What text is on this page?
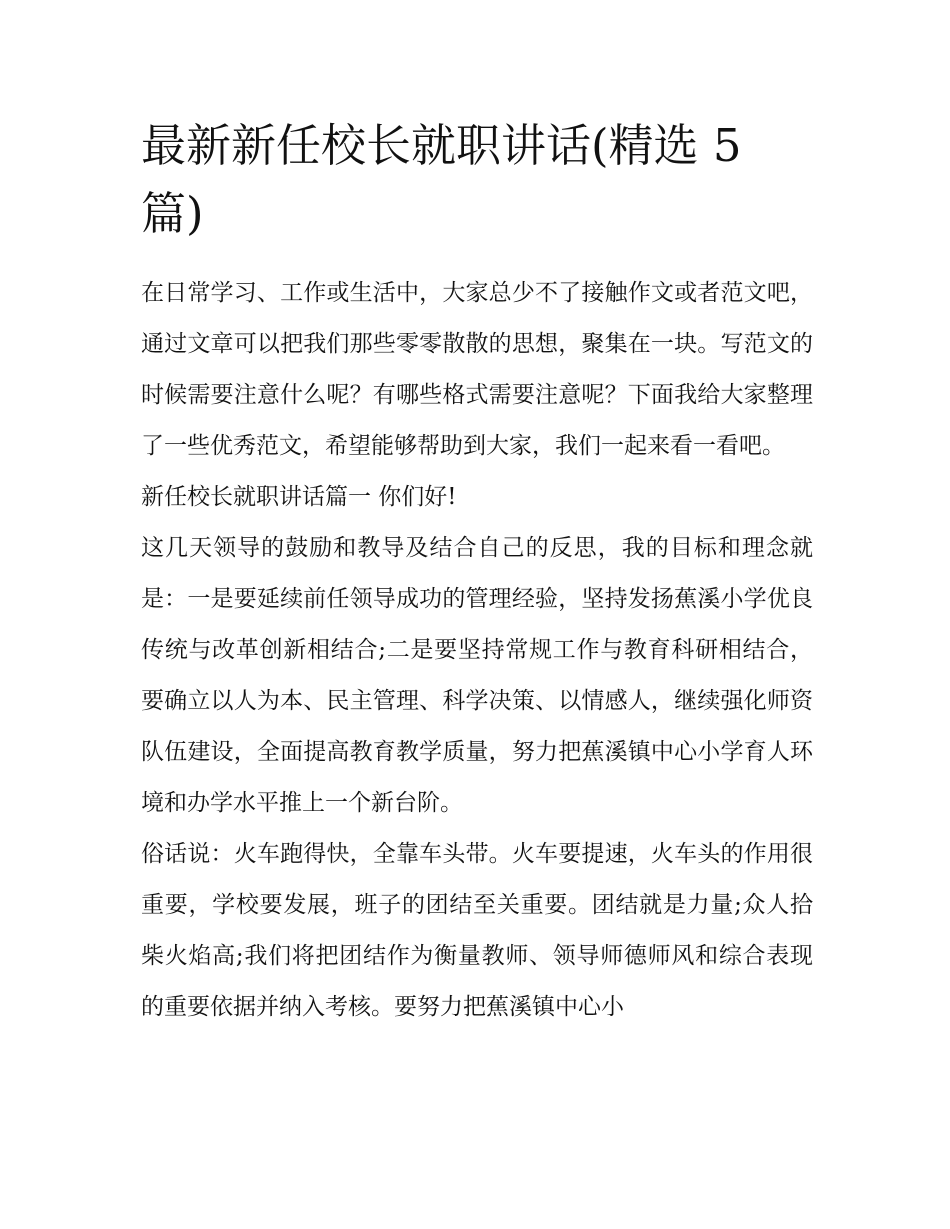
最新新任校长就职讲话(精选 5 篇)

在日常学习、工作或生活中，大家总少不了接触作文或者范文吧，通过文章可以把我们那些零零散散的思想，聚集在一块。写范文的时候需要注意什么呢？有哪些格式需要注意呢？下面我给大家整理了一些优秀范文，希望能够帮助到大家，我们一起来看一看吧。

新任校长就职讲话篇一 你们好!

这几天领导的鼓励和教导及结合自己的反思，我的目标和理念就是：一是要延续前任领导成功的管理经验，坚持发扬蕉溪小学优良传统与改革创新相结合;二是要坚持常规工作与教育科研相结合，要确立以人为本、民主管理、科学决策、以情感人，继续强化师资队伍建设，全面提高教育教学质量，努力把蕉溪镇中心小学育人环境和办学水平推上一个新台阶。

俗话说：火车跑得快，全靠车头带。火车要提速，火车头的作用很重要，学校要发展，班子的团结至关重要。团结就是力量;众人拾柴火焰高;我们将把团结作为衡量教师、领导师德师风和综合表现的重要依据并纳入考核。要努力把蕉溪镇中心小
